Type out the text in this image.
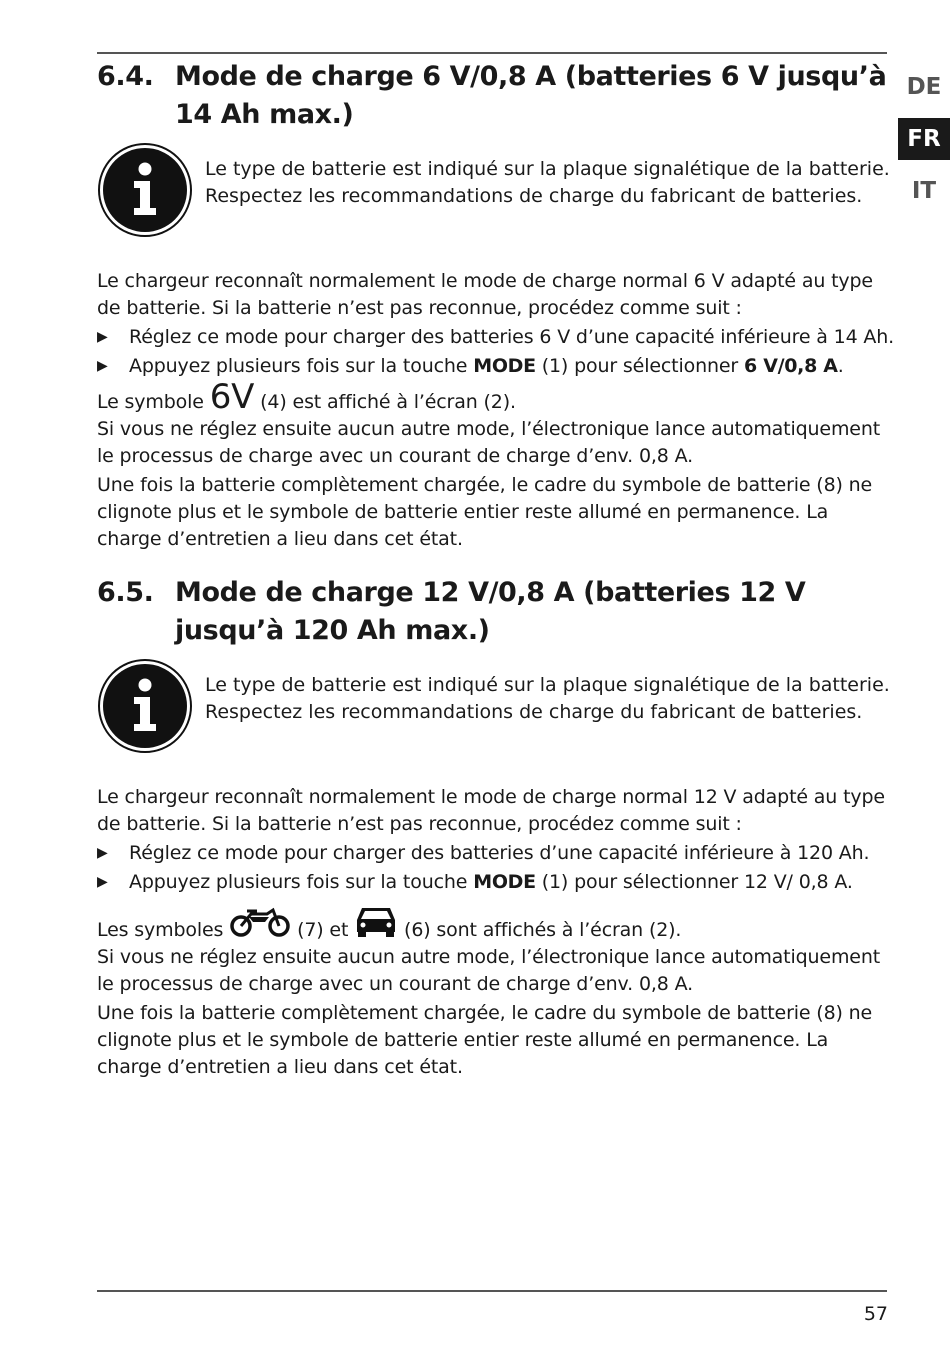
DE
FR
IT
6.4. Mode de charge 6 V/0,8 A (batteries 6 V jusqu’à 14 Ah max.)
Le type de batterie est indiqué sur la plaque signalétique de la batterie.
Respectez les recommandations de charge du fabricant de batteries.

Le chargeur reconnaît normalement le mode de charge normal 6 V adapté au type de batterie. Si la batterie n’est pas reconnue, procédez comme suit :

▶	Réglez ce mode pour charger des batteries 6 V d’une capacité inférieure à 14 Ah.
▶	Appuyez plusieurs fois sur la touche MODE (1) pour sélectionner 6 V/0,8 A.

Le symbole 6V (4) est affiché à l’écran (2).

Si vous ne réglez ensuite aucun autre mode, l’électronique lance automatiquement le processus de charge avec un courant de charge d’env. 0,8 A.

Une fois la batterie complètement chargée, le cadre du symbole de batterie (8) ne clignote plus et le symbole de batterie entier reste allumé en permanence. La charge d’entretien a lieu dans cet état.

6.5. Mode de charge 12 V/0,8 A (batteries 12 V jusqu’à 120 Ah max.)
Le type de batterie est indiqué sur la plaque signalétique de la batterie.
Respectez les recommandations de charge du fabricant de batteries.

Le chargeur reconnaît normalement le mode de charge normal 12 V adapté au type de batterie. Si la batterie n’est pas reconnue, procédez comme suit :

▶	Réglez ce mode pour charger des batteries d’une capacité inférieure à 120 Ah.
▶	Appuyez plusieurs fois sur la touche MODE (1) pour sélectionner 12 V/ 0,8 A.

Les symboles	(7) et  (6) sont affichés à l’écran (2).

Si vous ne réglez ensuite aucun autre mode, l’électronique lance automatiquement le processus de charge avec un courant de charge d’env. 0,8 A.

Une fois la batterie complètement chargée, le cadre du symbole de batterie (8) ne clignote plus et le symbole de batterie entier reste allumé en permanence. La charge d’entretien a lieu dans cet état.

57
